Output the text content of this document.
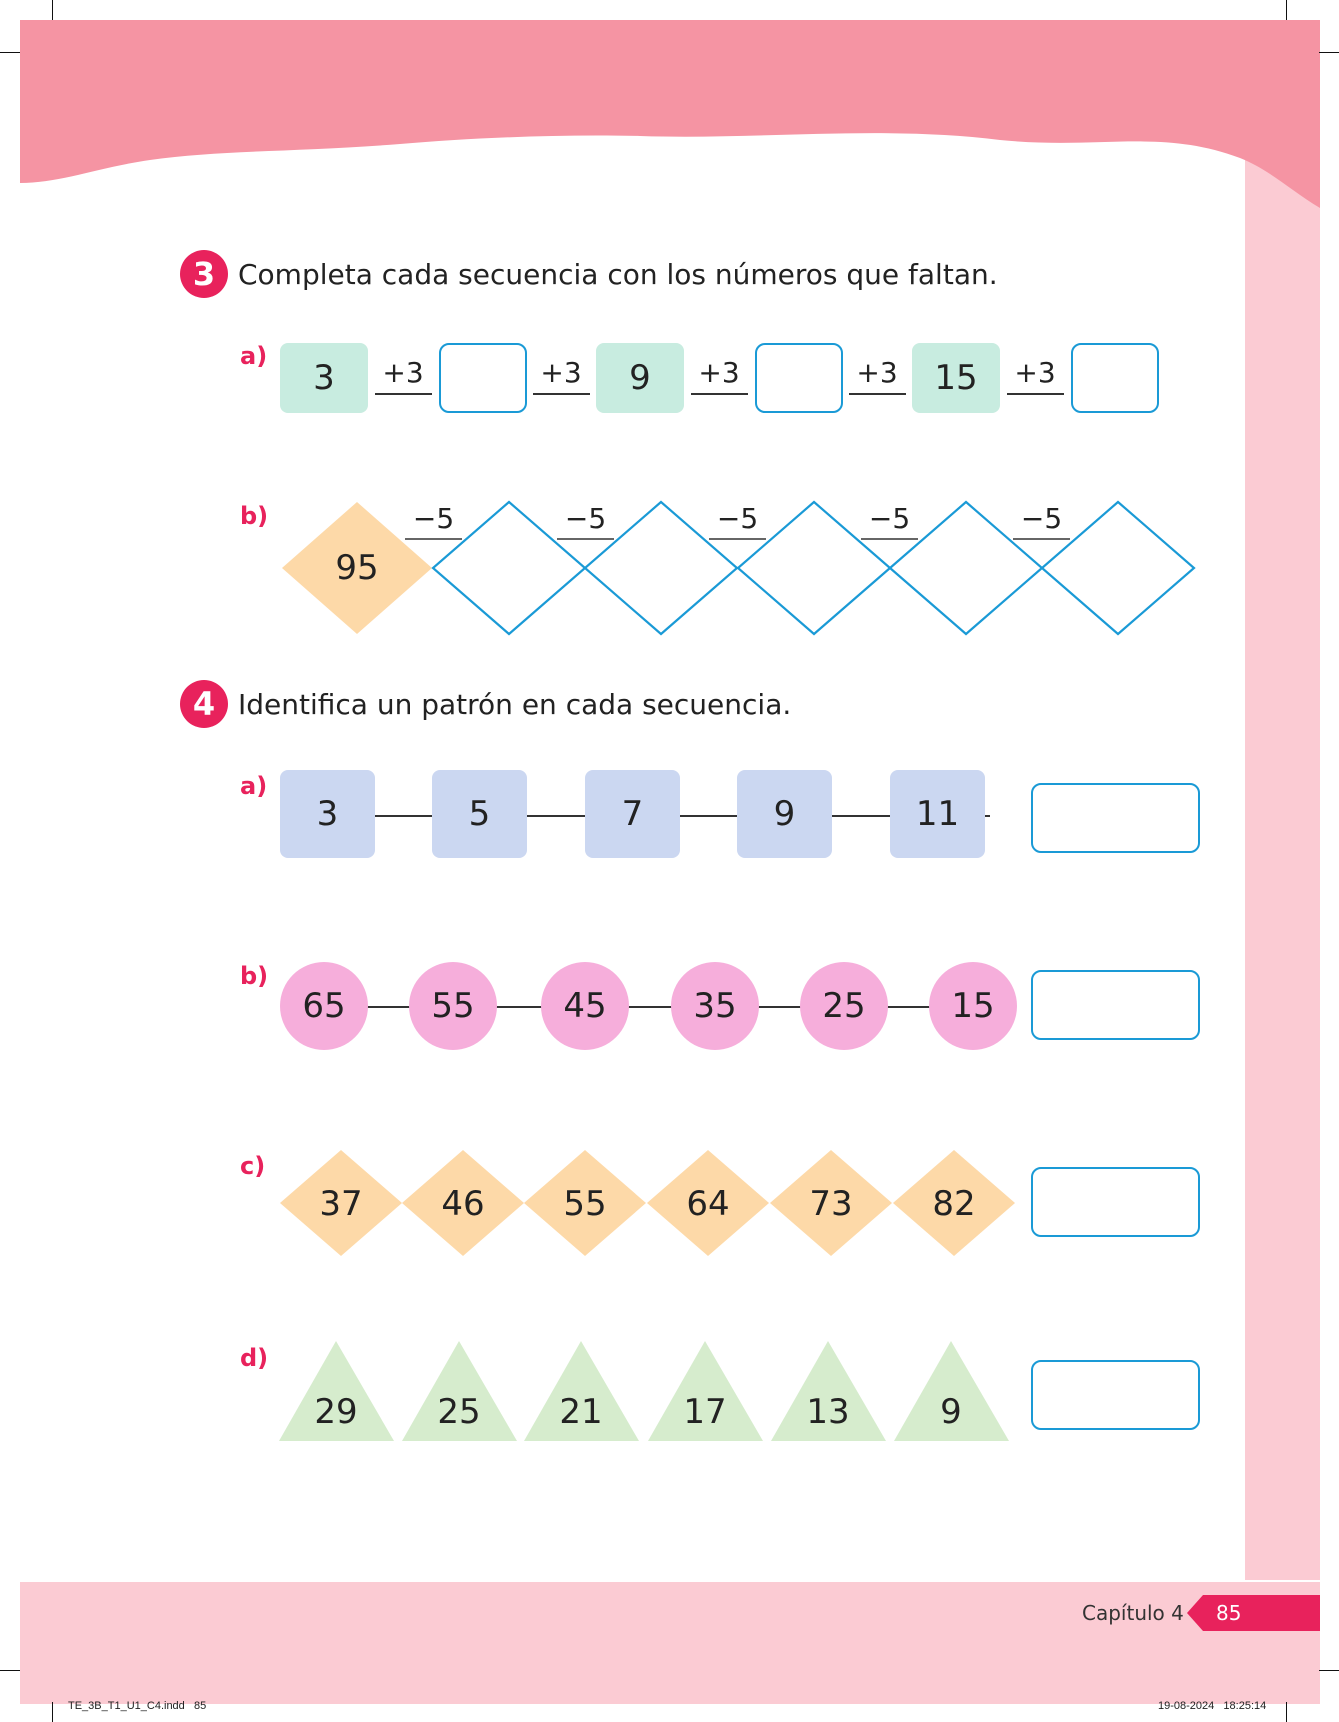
3 Completa cada secuencia con los números que faltan.
a)
3	+3	+3	9	+3	+3	15	+3
b)
95
−5	−5	−5	−5	−5
4 Identifica un patrón en cada secuencia.
a)
3	5	7	9	11
b)
65	55	45	35	25	15
c)
37	46	55	64	73	82
d)
29	25	21	17	13	9
Capítulo 4 85
TE_3B_T1_U1_C4.indd   85	19-08-2024   18:25:14
